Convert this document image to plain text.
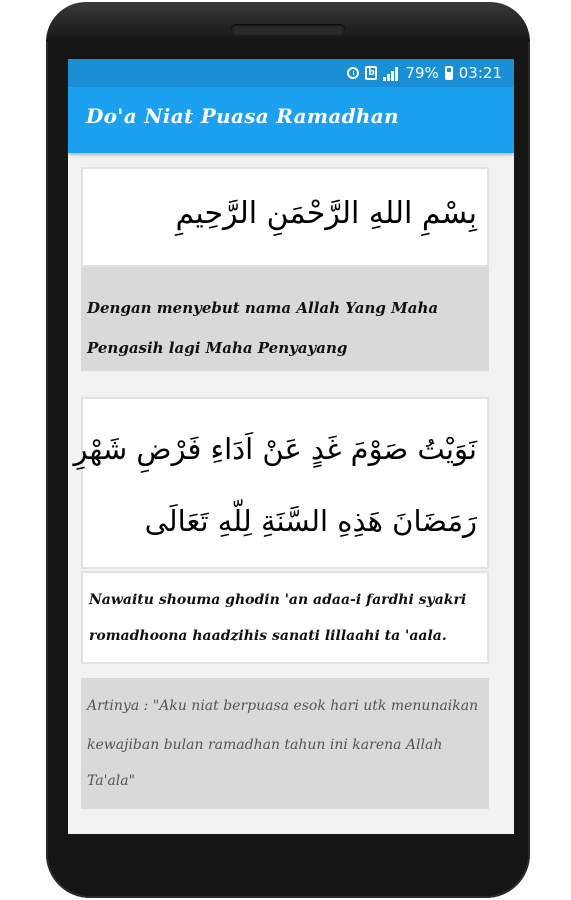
b 79% 03:21
Do'a Niat Puasa Ramadhan
بِسْمِ اللهِ الرَّحْمَنِ الرَّحِيمِ
Dengan menyebut nama Allah Yang Maha Pengasih lagi Maha Penyayang
نَوَيْتُ صَوْمَ غَدٍ عَنْ اَدَاءِ فَرْضِ شَهْرِ
رَمَضَانَ هَذِهِ السَّنَةِ لِلّهِ تَعَالَى
Nawaitu shouma ghodin 'an adaa-i fardhi syakri
romadhoona haadzihis sanati lillaahi ta 'aala.
Artinya : "Aku niat berpuasa esok hari utk menunaikan
kewajiban bulan ramadhan tahun ini karena Allah
Ta'ala"
